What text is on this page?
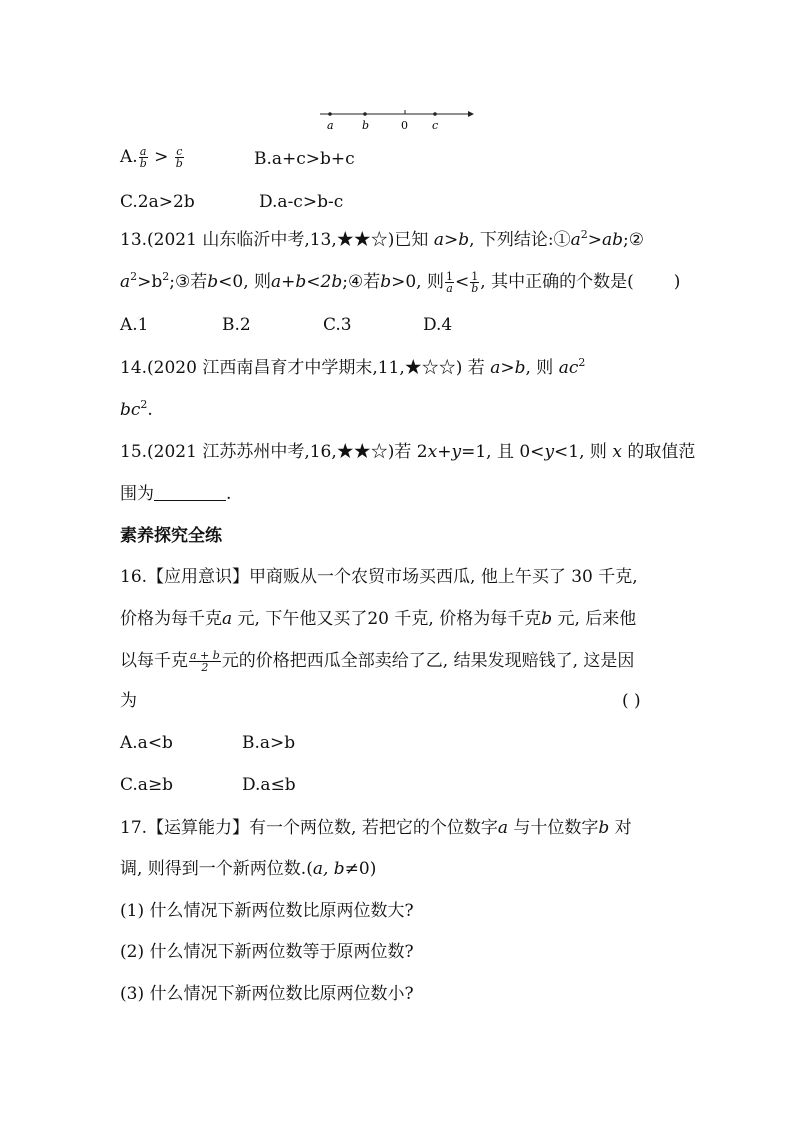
a	b	0 c
A. $\frac{a}{b} > \frac{c}{b}$	B.a+c>b+c
C.2a>2b	D.a-c>b-c
13.(2021 山东临沂中考,13,★★☆)已知 a>b, 下列结论$:①a^2>ab;②$
$a^2>b^2;③$若b<0, 则a+b<2b;④若b>0, 则 $\frac{1}{a} < \frac{1}{b}$ , 其中正确的个数是( )
A.1	B.2	C.3	D.4
14.(2020 江西南昌育才中学期末,11,★☆☆) 若 a>b, 则 $ac^2$
$bc^2$.
15.(2021 江苏苏州中考,16,★★☆)若 2x+y=1, 且 0<y<1, 则 x 的取值范
围为	.
素养探究全练
16.【应用意识】甲商贩从一个农贸市场买西瓜, 他上午买了 30 千克,
价格为每千克a 元, 下午他又买了20 千克, 价格为每千克b 元, 后来他
以每千克 $\frac{a + b}{2}$ 元的价格把西瓜全部卖给了乙, 结果发现赔钱了, 这是因
为	( )
A.a<b	B.a>b
C.a≥b	D.a≤b
17.【运算能力】有一个两位数, 若把它的个位数字a 与十位数字b 对
调, 则得到一个新两位数.(a, b≠0)
(1) 什么情况下新两位数比原两位数大?
(2) 什么情况下新两位数等于原两位数?
(3) 什么情况下新两位数比原两位数小?
